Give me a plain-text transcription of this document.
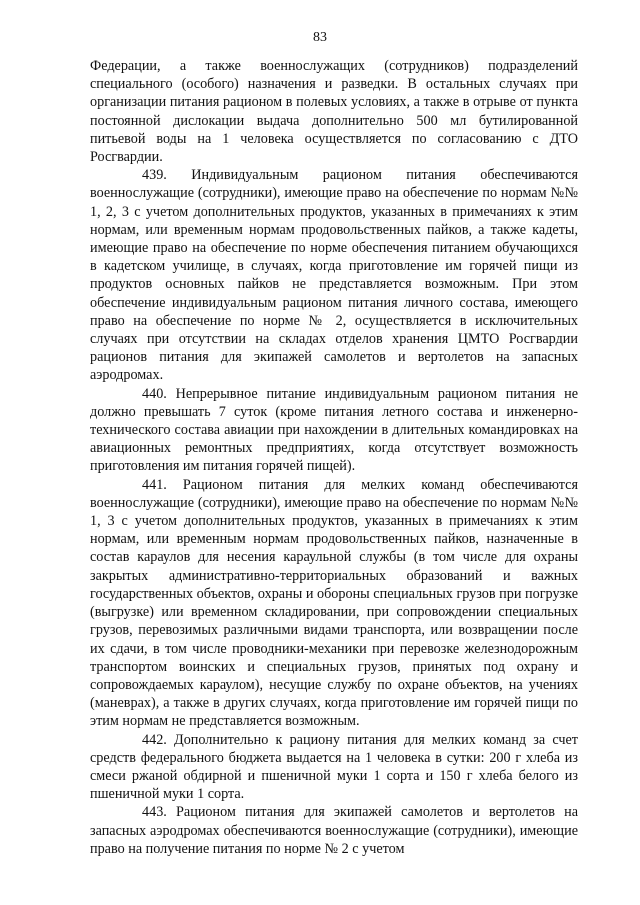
83

Федерации, а также военнослужащих (сотрудников) подразделений специального (особого) назначения и разведки. В остальных случаях при организации питания рационом в полевых условиях, а также в отрыве от пункта постоянной дислокации выдача дополнительно 500 мл бутилированной питьевой воды на 1 человека осуществляется по согласованию с ДТО Росгвардии.

439. Индивидуальным рационом питания обеспечиваются военнослужащие (сотрудники), имеющие право на обеспечение по нормам №№ 1, 2, 3 с учетом дополнительных продуктов, указанных в примечаниях к этим нормам, или временным нормам продовольственных пайков, а также кадеты, имеющие право на обеспечение по норме обеспечения питанием обучающихся в кадетском училище, в случаях, когда приготовление им горячей пищи из продуктов основных пайков не представляется возможным. При этом обеспечение индивидуальным рационом питания личного состава, имеющего право на обеспечение по норме № 2, осуществляется в исключительных случаях при отсутствии на складах отделов хранения ЦМТО Росгвардии рационов питания для экипажей самолетов и вертолетов на запасных аэродромах.

440. Непрерывное питание индивидуальным рационом питания не должно превышать 7 суток (кроме питания летного состава и инженерно-технического состава авиации при нахождении в длительных командировках на авиационных ремонтных предприятиях, когда отсутствует возможность приготовления им питания горячей пищей).

441. Рационом питания для мелких команд обеспечиваются военнослужащие (сотрудники), имеющие право на обеспечение по нормам №№ 1, 3 с учетом дополнительных продуктов, указанных в примечаниях к этим нормам, или временным нормам продовольственных пайков, назначенные в состав караулов для несения караульной службы (в том числе для охраны закрытых административно-территориальных образований и важных государственных объектов, охраны и обороны специальных грузов при погрузке (выгрузке) или временном складировании, при сопровождении специальных грузов, перевозимых различными видами транспорта, или возвращении после их сдачи, в том числе проводники-механики при перевозке железнодорожным транспортом воинских и специальных грузов, принятых под охрану и сопровождаемых караулом), несущие службу по охране объектов, на учениях (маневрах), а также в других случаях, когда приготовление им горячей пищи по этим нормам не представляется возможным.

442. Дополнительно к рациону питания для мелких команд за счет средств федерального бюджета выдается на 1 человека в сутки: 200 г хлеба из смеси ржаной обдирной и пшеничной муки 1 сорта и 150 г хлеба белого из пшеничной муки 1 сорта.

443. Рационом питания для экипажей самолетов и вертолетов на запасных аэродромах обеспечиваются военнослужащие (сотрудники), имеющие право на получение питания по норме № 2 с учетом
